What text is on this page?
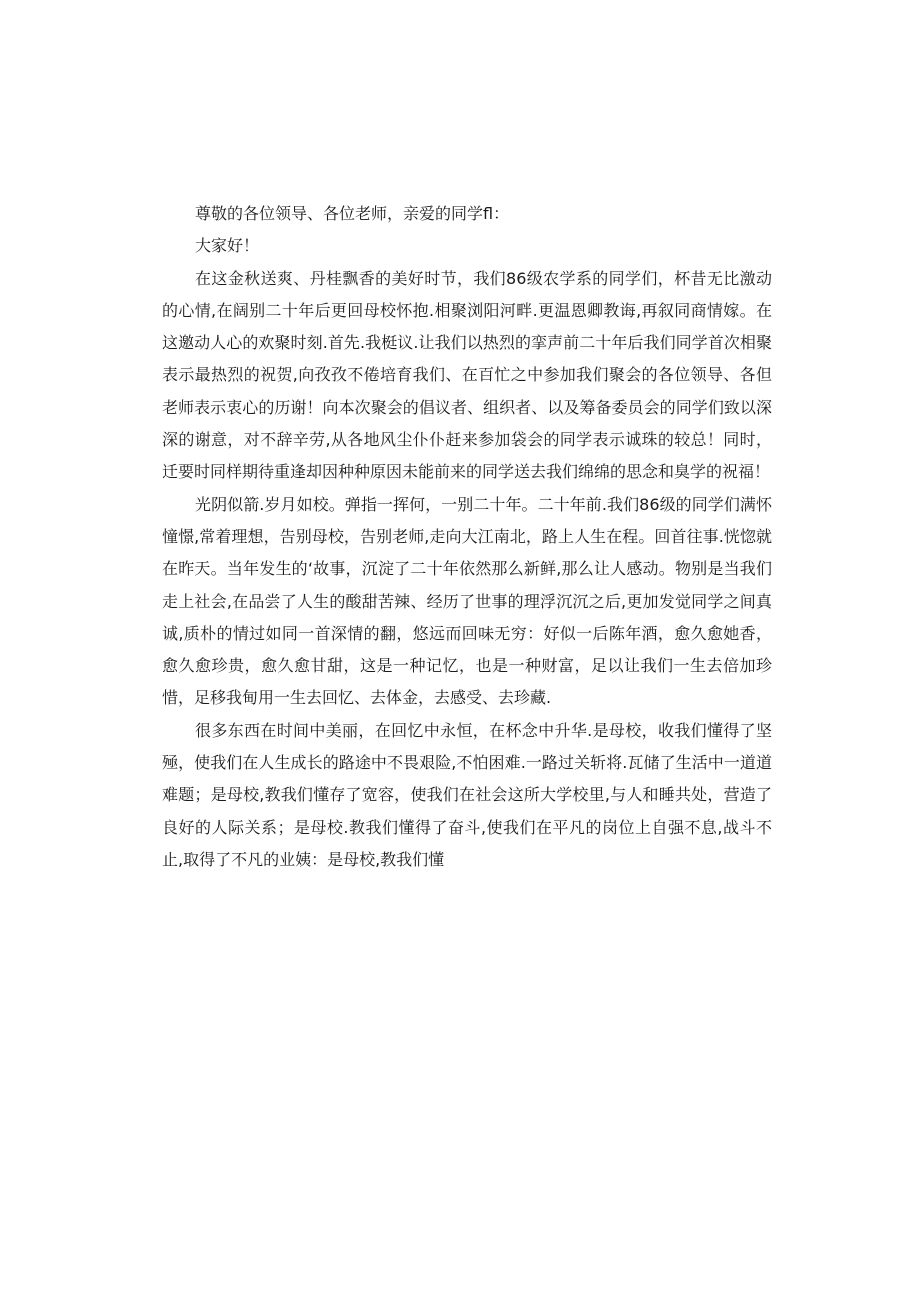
尊敬的各位领导、各位老师，亲爱的同学fl：

大家好！

在这金秋送爽、丹桂飘香的美好时节，我们86级农学系的同学们，杯昔无比激动的心情,在阔别二十年后更回母校怀抱.相聚浏阳河畔.更温恩卿教诲,再叙同商情嫁。在这邀动人心的欢聚时刻.首先.我梃议.让我们以热烈的挛声前二十年后我们同学首次相聚表示最热烈的祝贺,向孜孜不倦培育我们、在百忙之中参加我们聚会的各位领导、各但老师表示衷心的历谢！向本次聚会的倡议者、组织者、以及筹备委员会的同学们致以深深的谢意，对不辞辛劳,从各地风尘仆仆赶来参加袋会的同学表示诚珠的较总！同时，迁要时同样期待重逢却因种种原因未能前来的同学送去我们绵绵的思念和臭学的祝福！

光阴似箭.岁月如校。弹指一挥何，一别二十年。二十年前.我们86级的同学们满怀憧憬,常着理想，告别母校，告别老师,走向大江南北，路上人生在程。回首往事.恍惚就在昨天。当年发生的‘故事，沉淀了二十年依然那么新鲜,那么让人感动。物别是当我们走上社会,在品尝了人生的酸甜苦辣、经历了世事的理浮沉沉之后,更加发觉同学之间真诚,质朴的情过如同一首深情的翻，悠远而回味无穷：好似一后陈年酒，愈久愈她香，愈久愈珍贵，愈久愈甘甜，这是一种记忆，也是一种财富，足以让我们一生去倍加珍惜，足移我甸用一生去回忆、去体金，去感受、去珍藏.

很多东西在时间中美丽，在回忆中永恒，在杯念中升华.是母校，收我们懂得了坚殛，使我们在人生成长的路途中不畏艰险,不怕困难.一路过关斩将.瓦储了生活中一道道难题；是母校,教我们懂存了宽容，使我们在社会这所大学校里,与人和睡共处，营造了良好的人际关系；是母校.教我们懂得了奋斗,使我们在平凡的岗位上自强不息,战斗不止,取得了不凡的业姨：是母校,教我们懂
